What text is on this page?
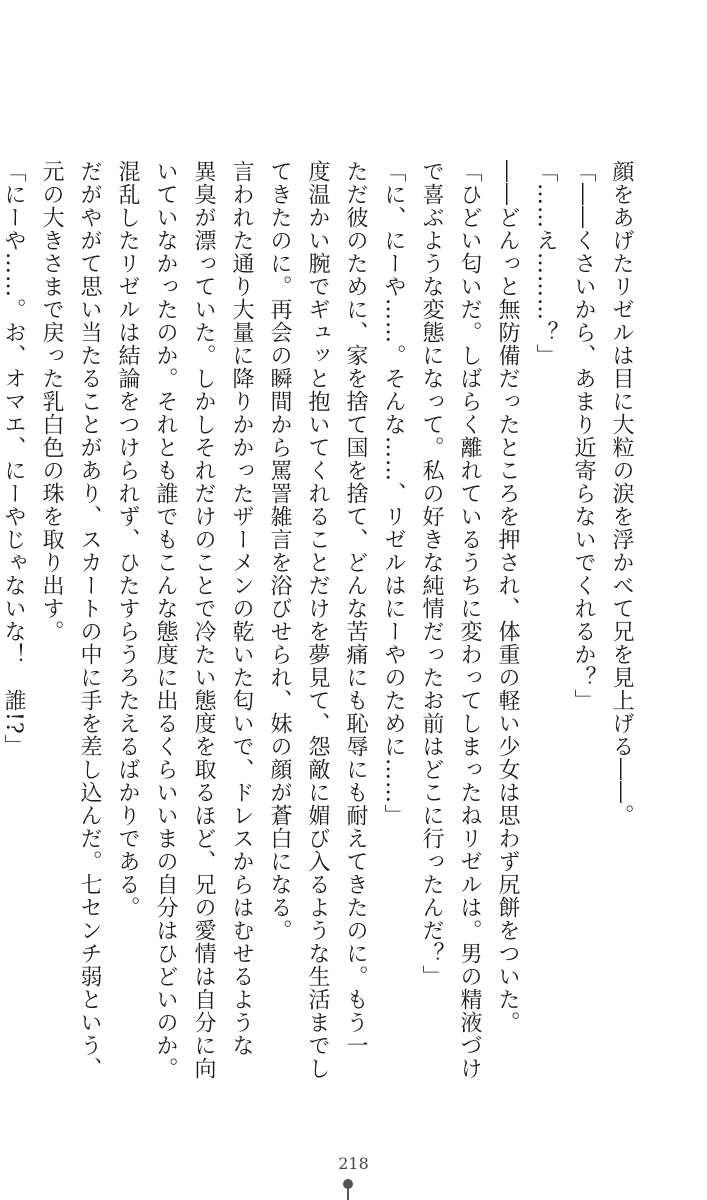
顔をあげたリゼルは目に大粒の涙を浮かべて兄を見上げる――。

「――くさいから、あまり近寄らないでくれるか？」

「……え………？」

――どんっと無防備だったところを押され、体重の軽い少女は思わず尻餅をついた。

「ひどい匂いだ。しばらく離れているうちに変わってしまったねリゼルは。男の精液づけ

で喜ぶような変態になって。私の好きな純情だったお前はどこに行ったんだ？」

「に、にーや……。そんな……、リゼルはにーやのために……」

ただ彼のために、家を捨て国を捨て、どんな苦痛にも恥辱にも耐えてきたのに。もう一

度温かい腕でギュッと抱いてくれることだけを夢見て、怨敵に媚び入るような生活までし

てきたのに。再会の瞬間から罵詈雑言を浴びせられ、妹の顔が蒼白になる。

言われた通り大量に降りかかったザーメンの乾いた匂いで、ドレスからはむせるような

異臭が漂っていた。しかしそれだけのことで冷たい態度を取るほど、兄の愛情は自分に向

いていなかったのか。それとも誰でもこんな態度に出るくらいいまの自分はひどいのか。

混乱したリゼルは結論をつけられず、ひたすらうろたえるばかりである。

だがやがて思い当たることがあり、スカートの中に手を差し込んだ。七センチ弱という、

元の大きさまで戻った乳白色の珠を取り出す。

「にーや……。お、オマエ、にーやじゃないな！　誰!?」

218
